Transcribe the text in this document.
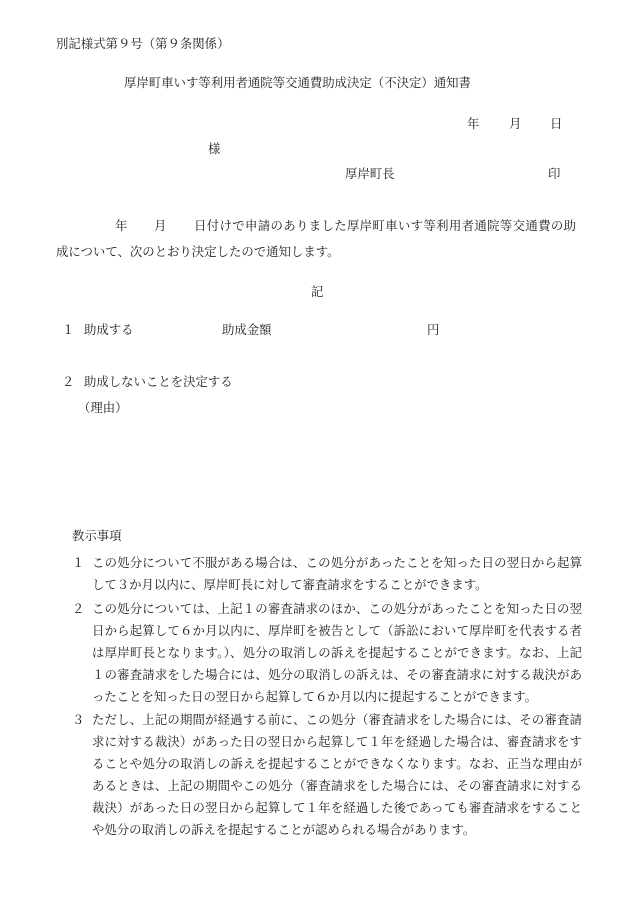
別記様式第９号（第９条関係）
厚岸町車いす等利用者通院等交通費助成決定（不決定）通知書
年 月 日
様
厚岸町長	印
年 月	日付けで申請のありました厚岸町車いす等利用者通院等交通費の助成について、次のとおり決定したので通知します。
記
１ 助成する	助成金額	円
２ 助成しないことを決定する
（理由）
教示事項
１ この処分について不服がある場合は、この処分があったことを知った日の翌日から起算して３か月以内に、厚岸町長に対して審査請求をすることができます。
２ この処分については、上記１の審査請求のほか、この処分があったことを知った日の翌日から起算して６か月以内に、厚岸町を被告として（訴訟において厚岸町を代表する者は厚岸町長となります。）、処分の取消しの訴えを提起することができます。なお、上記１の審査請求をした場合には、処分の取消しの訴えは、その審査請求に対する裁決があったことを知った日の翌日から起算して６か月以内に提起することができます。
３ ただし、上記の期間が経過する前に、この処分（審査請求をした場合には、その審査請求に対する裁決）があった日の翌日から起算して１年を経過した場合は、審査請求をすることや処分の取消しの訴えを提起することができなくなります。なお、正当な理由があるときは、上記の期間やこの処分（審査請求をした場合には、その審査請求に対する裁決）があった日の翌日から起算して１年を経過した後であっても審査請求をすることや処分の取消しの訴えを提起することが認められる場合があります。
